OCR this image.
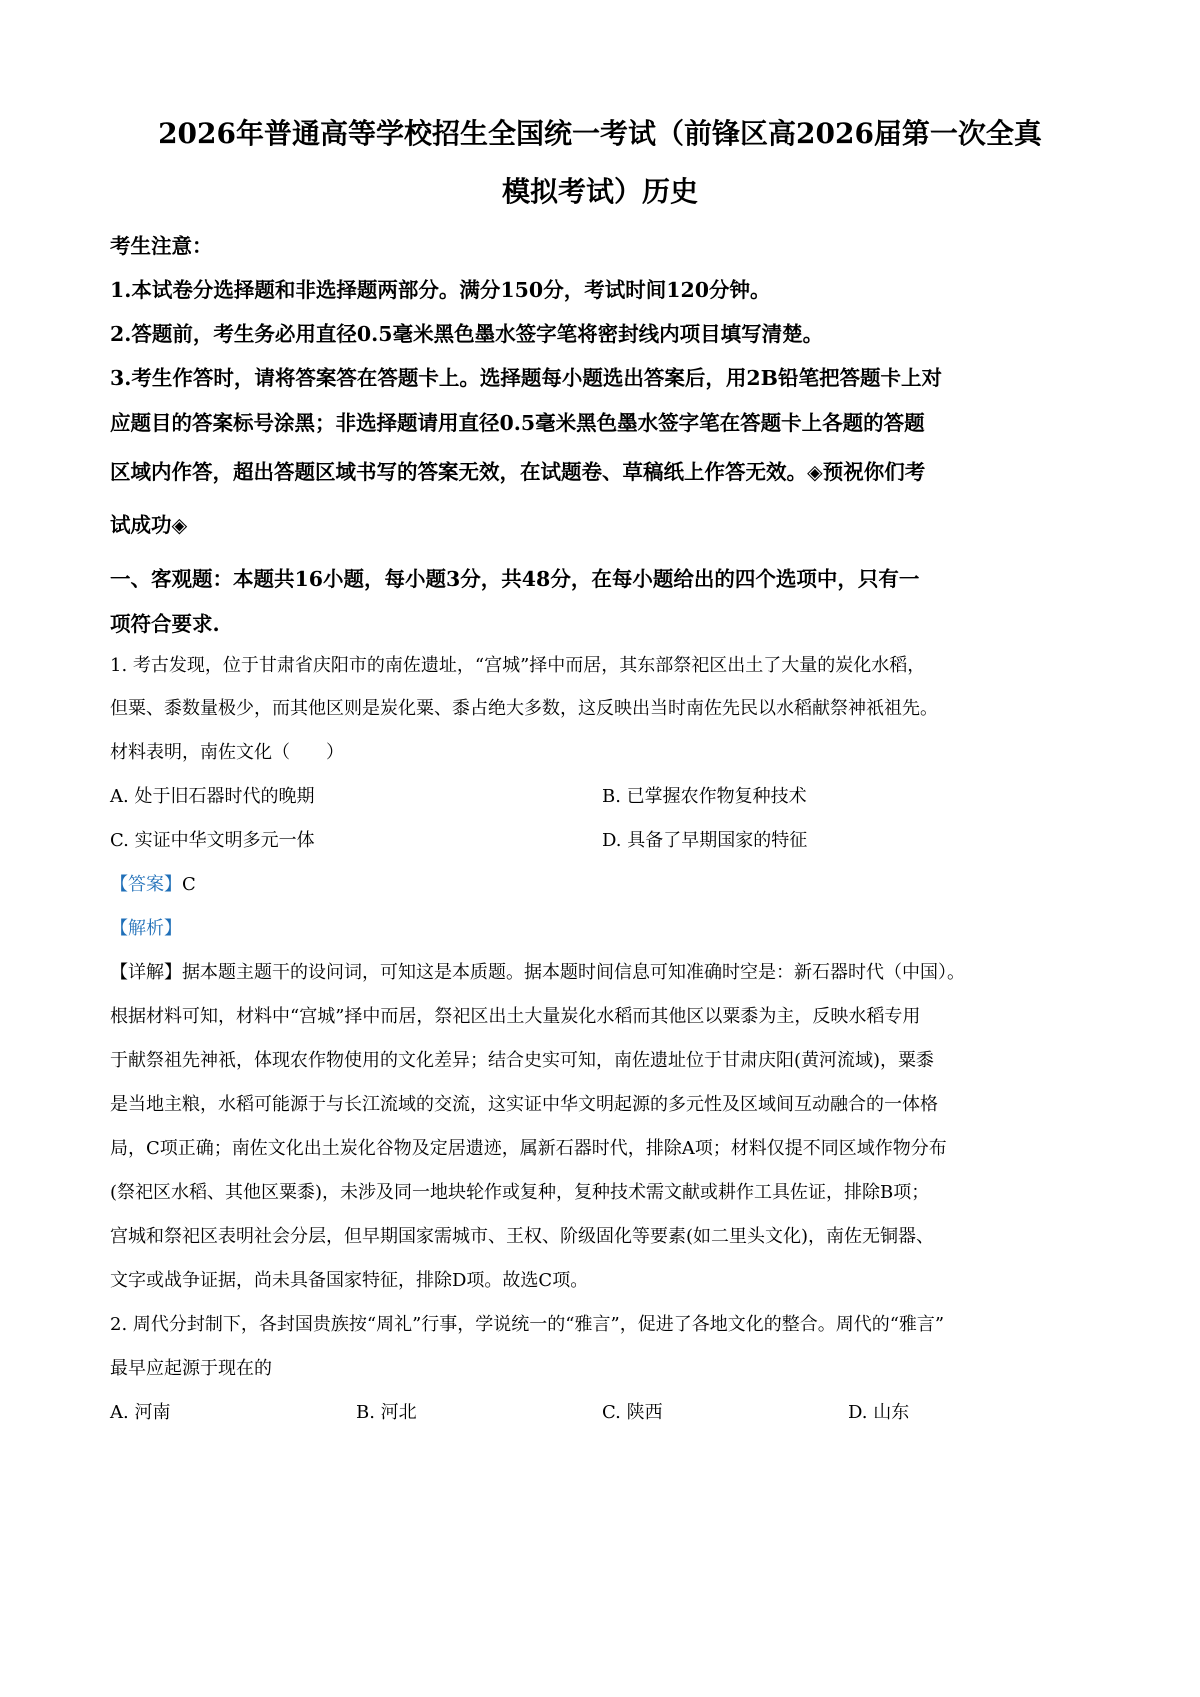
2026年普通高等学校招生全国统一考试（前锋区高2026届第一次全真
模拟考试）历史
考生注意：
1.本试卷分选择题和非选择题两部分。满分150分，考试时间120分钟。
2.答题前，考生务必用直径0.5毫米黑色墨水签字笔将密封线内项目填写清楚。
3.考生作答时，请将答案答在答题卡上。选择题每小题选出答案后，用2B铅笔把答题卡上对
应题目的答案标号涂黑；非选择题请用直径0.5毫米黑色墨水签字笔在答题卡上各题的答题
区域内作答，超出答题区域书写的答案无效，在试题卷、草稿纸上作答无效。◈预祝你们考
试成功◈
一、客观题：本题共16小题，每小题3分，共48分，在每小题给出的四个选项中，只有一
项符合要求.
1. 考古发现，位于甘肃省庆阳市的南佐遗址，“宫城”择中而居，其东部祭祀区出土了大量的炭化水稻，
但粟、黍数量极少，而其他区则是炭化粟、黍占绝大多数，这反映出当时南佐先民以水稻献祭神祇祖先。
材料表明，南佐文化（　　）
A. 处于旧石器时代的晚期	B. 已掌握农作物复种技术
C. 实证中华文明多元一体	D. 具备了早期国家的特征
【答案】C
【解析】
【详解】据本题主题干的设问词，可知这是本质题。据本题时间信息可知准确时空是：新石器时代（中国）。
根据材料可知，材料中“宫城”择中而居，祭祀区出土大量炭化水稻而其他区以粟黍为主，反映水稻专用
于献祭祖先神祇，体现农作物使用的文化差异；结合史实可知，南佐遗址位于甘肃庆阳(黄河流域)，粟黍
是当地主粮，水稻可能源于与长江流域的交流，这实证中华文明起源的多元性及区域间互动融合的一体格
局，C项正确；南佐文化出土炭化谷物及定居遗迹，属新石器时代，排除A项；材料仅提不同区域作物分布
(祭祀区水稻、其他区粟黍)，未涉及同一地块轮作或复种，复种技术需文献或耕作工具佐证，排除B项；
宫城和祭祀区表明社会分层，但早期国家需城市、王权、阶级固化等要素(如二里头文化)，南佐无铜器、
文字或战争证据，尚未具备国家特征，排除D项。故选C项。
2. 周代分封制下，各封国贵族按“周礼”行事，学说统一的“雅言”，促进了各地文化的整合。周代的“雅言”
最早应起源于现在的
A. 河南	B. 河北	C. 陕西	D. 山东
